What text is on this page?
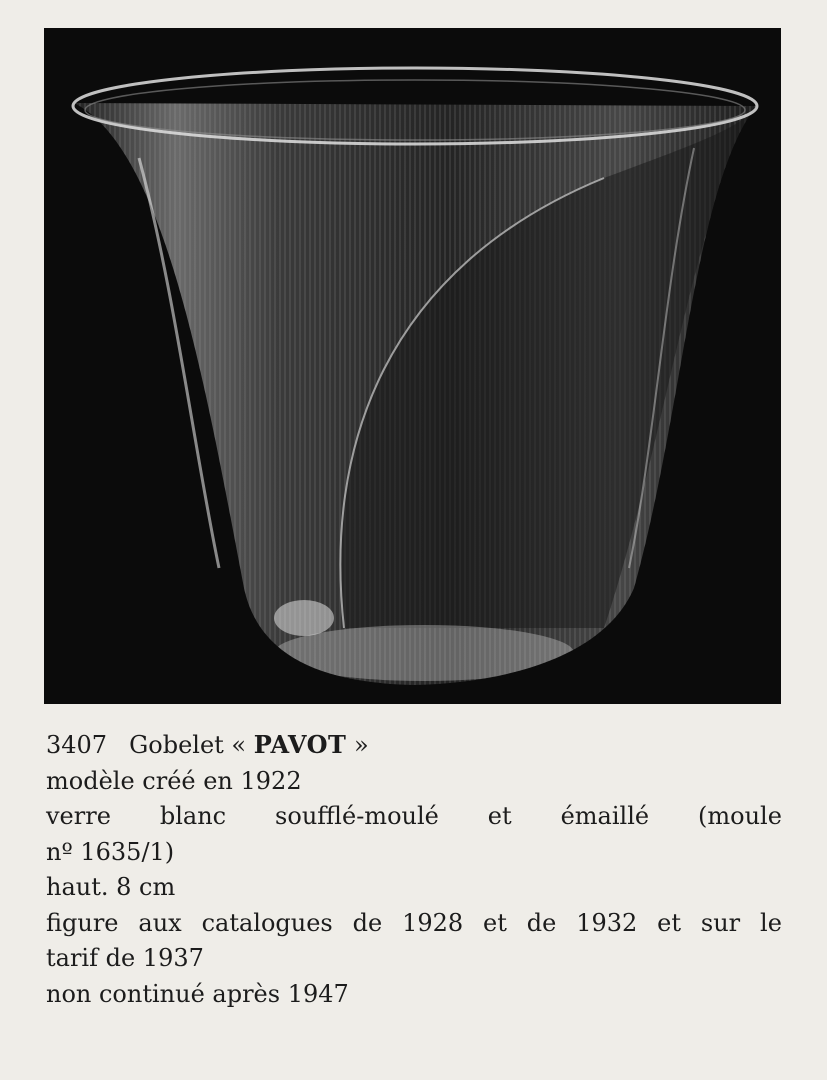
3407 Gobelet « PAVOT »
modèle créé en 1922
verre blanc soufflé-moulé et émaillé (moule
nº 1635/1)
haut. 8 cm
figure aux catalogues de 1928 et de 1932 et sur le
tarif de 1937
non continué après 1947
